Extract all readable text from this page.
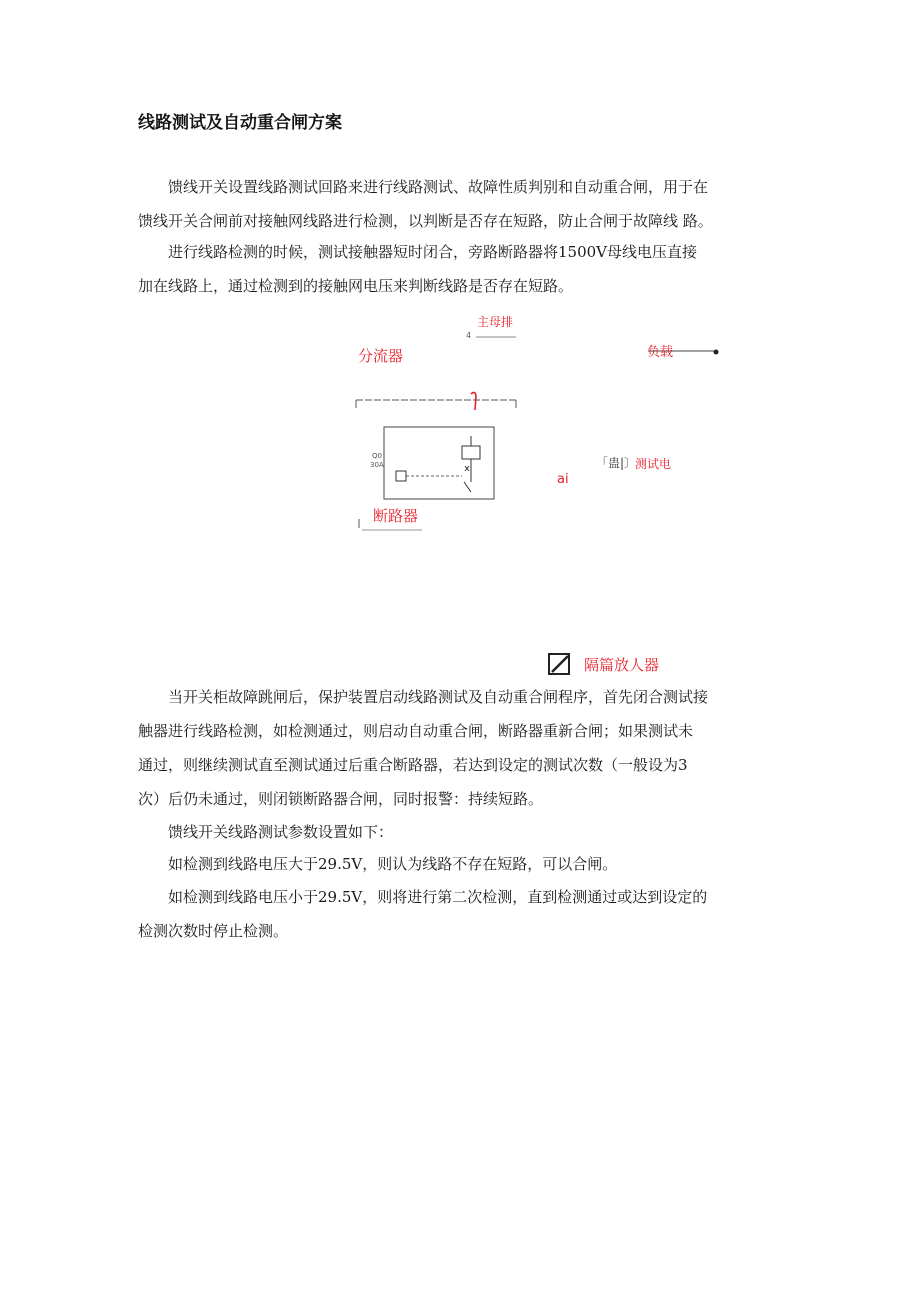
线路测试及自动重合闸方案

馈线开关设置线路测试回路来进行线路测试、故障性质判别和自动重合闸，用于在
馈线开关合闸前对接触网线路进行检测，以判断是否存在短路，防止合闸于故障线 路。

进行线路检测的时候，测试接触器短时闭合，旁路断路器将1500V母线电压直接
加在线路上，通过检测到的接触网电压来判断线路是否存在短路。

4
主母排
分流器	负载
Q0
30A	「蛊|〕
测试电
ai
断路器
隔篇放人器

当开关柜故障跳闸后，保护装置启动线路测试及自动重合闸程序，首先闭合测试接
触器进行线路检测，如检测通过，则启动自动重合闸，断路器重新合闸；如果测试未
通过，则继续测试直至测试通过后重合断路器，若达到设定的测试次数（一般设为3
次）后仍未通过，则闭锁断路器合闸，同时报警：持续短路。

馈线开关线路测试参数设置如下：

如检测到线路电压大于29.5V，则认为线路不存在短路，可以合闸。

如检测到线路电压小于29.5V，则将进行第二次检测，直到检测通过或达到设定的
检测次数时停止检测。
